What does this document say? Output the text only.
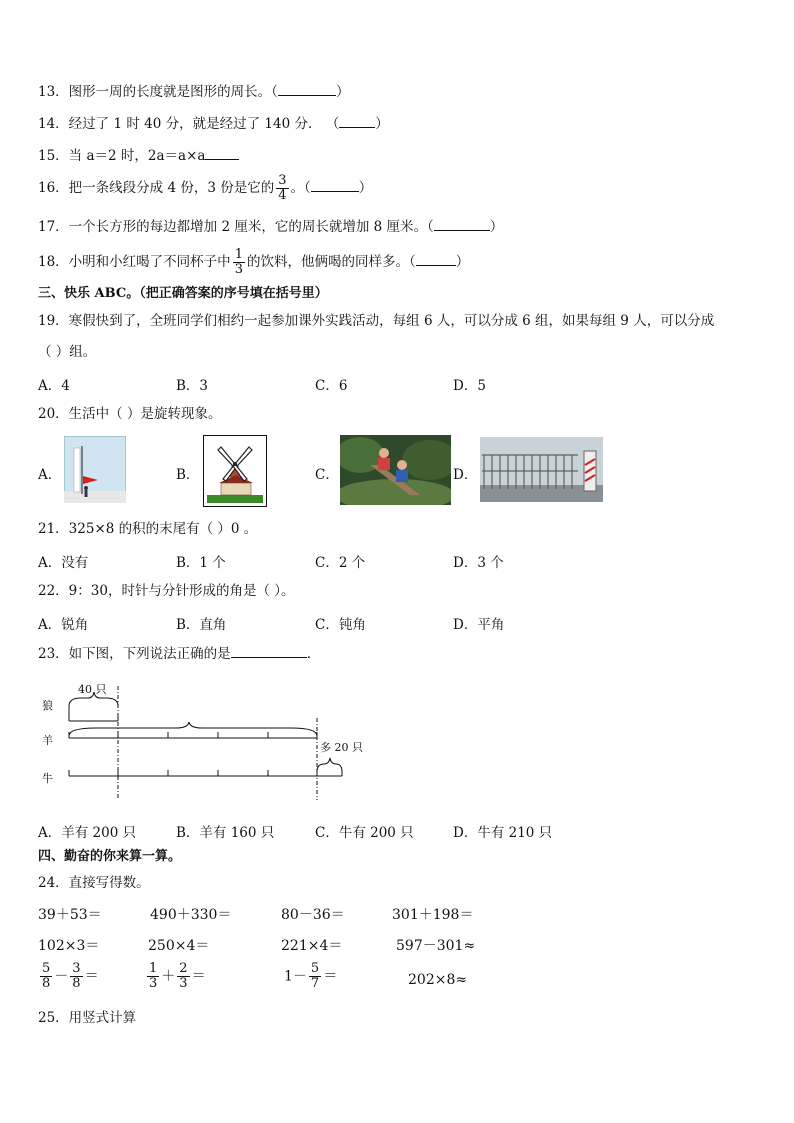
13．图形一周的长度就是图形的周长。（	）
14．经过了 1 时 40 分，就是经过了 140 分． （	）
15．当 a＝2 时，2a＝a×a
16．把一条线段分成 4 份，3 份是它的 $\frac{3}{4}$ 。（	）
17．一个长方形的每边都增加 2 厘米，它的周长就增加 8 厘米。（	）
18．小明和小红喝了不同杯子中 $\frac{1}{3}$ 的饮料，他俩喝的同样多。（	）
三、快乐 ABC。（把正确答案的序号填在括号里）
19．寒假快到了，全班同学们相约一起参加课外实践活动，每组 6 人，可以分成 6 组，如果每组 9 人，可以分成
（ ）组。
A．4	B．3	C．6	D．5
20．生活中（ ）是旋转现象。
A．	B．	C．	D．
21．325×8 的积的末尾有（ ）0 。
A．没有	B．1 个	C．2 个	D．3 个
22．9：30，时针与分针形成的角是（ ）。
A．锐角	B．直角	C．钝角	D．平角
23．如下图，下列说法正确的是	．
狼
羊
牛
40 只
多 20 只
A．羊有 200 只	B．羊有 160 只	C．牛有 200 只	D．牛有 210 只
四、勤奋的你来算一算。
24．直接写得数。
39＋53＝	490＋330＝	80－36＝	301＋198＝
102×3＝	250×4＝	221×4＝	597－301≈
$\frac{5}{8} - \frac{3}{8}$ ＝	$\frac{1}{3} + \frac{2}{3}$ ＝	$1- \frac{5}{7}$ ＝	202×8≈
25．用竖式计算
